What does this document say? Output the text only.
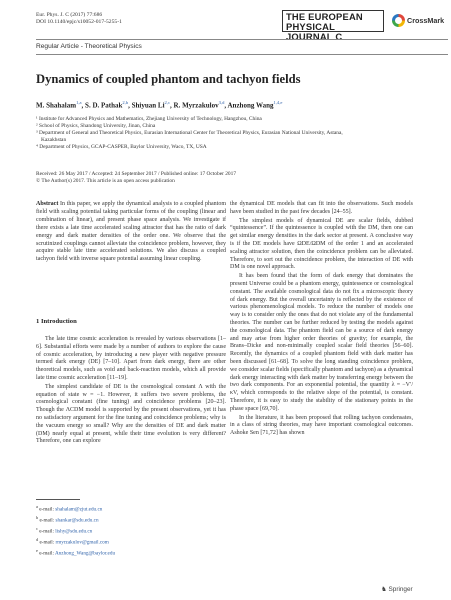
Eur. Phys. J. C (2017) 77:686
DOI 10.1140/epjc/s10052-017-5255-1	THE EUROPEAN
PHYSICAL JOURNAL C
CrossMark
Regular Article - Theoretical Physics
Dynamics of coupled phantom and tachyon fields
M. Shahalam$^{1,a}$, S. D. Pathak$^{2,b}$, Shiyuan Li$^{2,c}$, R. Myrzakulov$^{3,d}$, Anzhong Wang$^{1,4,e}$
¹ Institute for Advanced Physics and Mathematics, Zhejiang University of Technology, Hangzhou, China
² School of Physics, Shandong University, Jinan, China
³ Department of General and Theoretical Physics, Eurasian International Center for Theoretical Physics, Eurasian National University, Astana,
Kazakhstan
⁴ Department of Physics, GCAP-CASPER, Baylor University, Waco, TX, USA
Received: 26 May 2017 / Accepted: 24 September 2017 / Published online: 17 October 2017
© The Author(s) 2017. This article is an open access publication
Abstract In this paper, we apply the dynamical analysis to a coupled phantom field with scaling potential taking particular forms of the coupling (linear and combination of linear), and present phase space analysis. We investigate if there exists a late time accelerated scaling attractor that has the ratio of dark energy and dark matter densities of the order one. We observe that the scrutinized couplings cannot alleviate the coincidence problem, however, they acquire stable late time accelerated solutions. We also discuss a coupled tachyon field with inverse square potential assuming linear coupling.
1 Introduction

The late time cosmic acceleration is revealed by various observations [1–6]. Substantial efforts were made by a number of authors to explore the cause of cosmic acceleration, by introducing a new player with negative pressure termed dark energy (DE) [7–10]. Apart from dark energy, there are other theoretical models, such as void and back-reaction models, which all provide late time cosmic acceleration [11–19].

The simplest candidate of DE is the cosmological constant Λ with the equation of state w = −1. However, it suffers two severe problems, the cosmological constant (fine tuning) and coincidence problems [20–23]. Though the ΛCDM model is supported by the present observations, yet it has no satisfactory argument for the fine tuning and coincidence problems; why is the vacuum energy so small? Why are the densities of DE and dark matter (DM) nearly equal at present, while their time evolution is very different? Therefore, one can explore

the dynamical DE models that can fit into the observations. Such models have been studied in the past few decades [24–55].

The simplest models of dynamical DE are scalar fields, dubbed “quintessence”. If the quintessence is coupled with the DM, then one can get similar energy densities in the dark sector at present. A conclusive way is if the DE models have ΩDE/ΩDM of the order 1 and an accelerated scaling attractor solution, then the coincidence problem can be alleviated. Therefore, to sort out the coincidence problem, the interaction of DE with DM is one novel approach.

It has been found that the form of dark energy that dominates the present Universe could be a phantom energy, quintessence or cosmological constant. The available cosmological data do not fix a microscopic theory of dark energy. But the overall uncertainty is reflected by the existence of various phenomenological models. To reduce the number of models one way is to consider only the ones that do not violate any of the fundamental theories. The number can be further reduced by testing the models against the cosmological data. The phantom field can be a source of dark energy and may arise from higher order theories of gravity; for example, the Brans–Dicke and non-minimally coupled scalar field theories [56–60]. Recently, the dynamics of a coupled phantom field with dark matter has been discussed [61–68]. To solve the long standing coincidence problem, we consider scalar fields (specifically phantom and tachyon) as a dynamical dark energy interacting with dark matter by transferring energy between the two dark components. For an exponential potential, the quantity λ = −V′/κV, which corresponds to the relative slope of the potential, is constant. Therefore, it is easy to study the stability of the stationary points in the phase space [69,70].

In the literature, it has been proposed that rolling tachyon condensates, in a class of string theories, may have important cosmological outcomes. Ashoke Sen [71,72] has shown

$^a$ e-mail: shahalam@zjut.edu.cn
$^b$ e-mail: shankar@sdu.edu.cn
$^c$ e-mail: lishy@sdu.edu.cn
$^d$ e-mail: rmyrzakulov@gmail.com
$^e$ e-mail: Anzhong_Wang@baylor.edu
♞ Springer
